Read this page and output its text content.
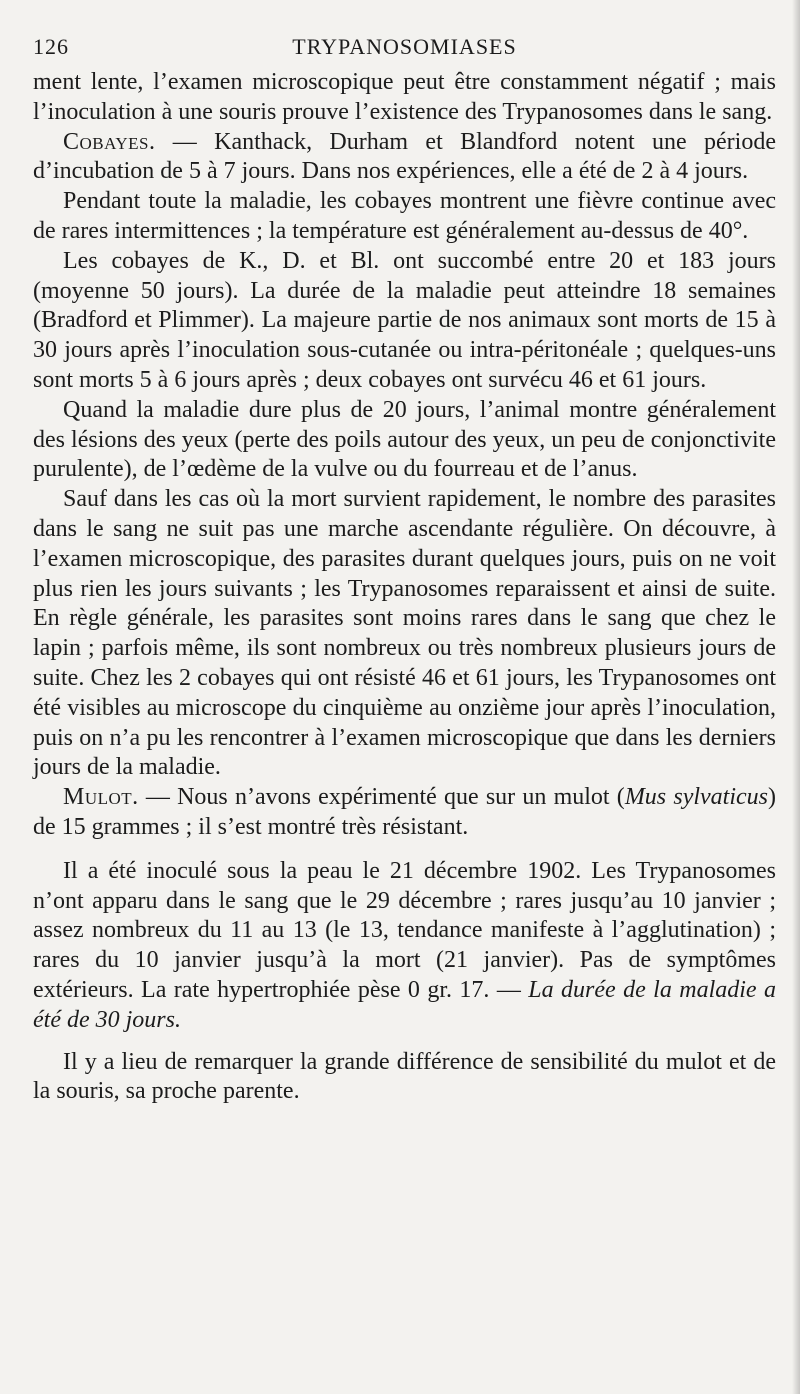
126	TRYPANOSOMIASES

ment lente, l’examen microscopique peut être constamment négatif ; mais l’inoculation à une souris prouve l’existence des Trypanosomes dans le sang.

Cobayes. — Kanthack, Durham et Blandford notent une période d’incubation de 5 à 7 jours. Dans nos expériences, elle a été de 2 à 4 jours.

Pendant toute la maladie, les cobayes montrent une fièvre continue avec de rares intermittences ; la température est généralement au-dessus de 40°.

Les cobayes de K., D. et Bl. ont succombé entre 20 et 183 jours (moyenne 50 jours). La durée de la maladie peut atteindre 18 semaines (Bradford et Plimmer). La majeure partie de nos animaux sont morts de 15 à 30 jours après l’inoculation sous-cutanée ou intra-péritonéale ; quelques-uns sont morts 5 à 6 jours après ; deux cobayes ont survécu 46 et 61 jours.

Quand la maladie dure plus de 20 jours, l’animal montre généralement des lésions des yeux (perte des poils autour des yeux, un peu de conjonctivite purulente), de l’œdème de la vulve ou du fourreau et de l’anus.

Sauf dans les cas où la mort survient rapidement, le nombre des parasites dans le sang ne suit pas une marche ascendante régulière. On découvre, à l’examen microscopique, des parasites durant quelques jours, puis on ne voit plus rien les jours suivants ; les Trypanosomes reparaissent et ainsi de suite. En règle générale, les parasites sont moins rares dans le sang que chez le lapin ; parfois même, ils sont nombreux ou très nombreux plusieurs jours de suite. Chez les 2 cobayes qui ont résisté 46 et 61 jours, les Trypanosomes ont été visibles au microscope du cinquième au onzième jour après l’inoculation, puis on n’a pu les rencontrer à l’examen microscopique que dans les derniers jours de la maladie.

Mulot. — Nous n’avons expérimenté que sur un mulot (Mus sylvaticus) de 15 grammes ; il s’est montré très résistant.

Il a été inoculé sous la peau le 21 décembre 1902. Les Trypanosomes n’ont apparu dans le sang que le 29 décembre ; rares jusqu’au 10 janvier ; assez nombreux du 11 au 13 (le 13, tendance manifeste à l’agglutination) ; rares du 10 janvier jusqu’à la mort (21 janvier). Pas de symptômes extérieurs. La rate hypertrophiée pèse 0 gr. 17. — La durée de la maladie a été de 30 jours.

Il y a lieu de remarquer la grande différence de sensibilité du mulot et de la souris, sa proche parente.
